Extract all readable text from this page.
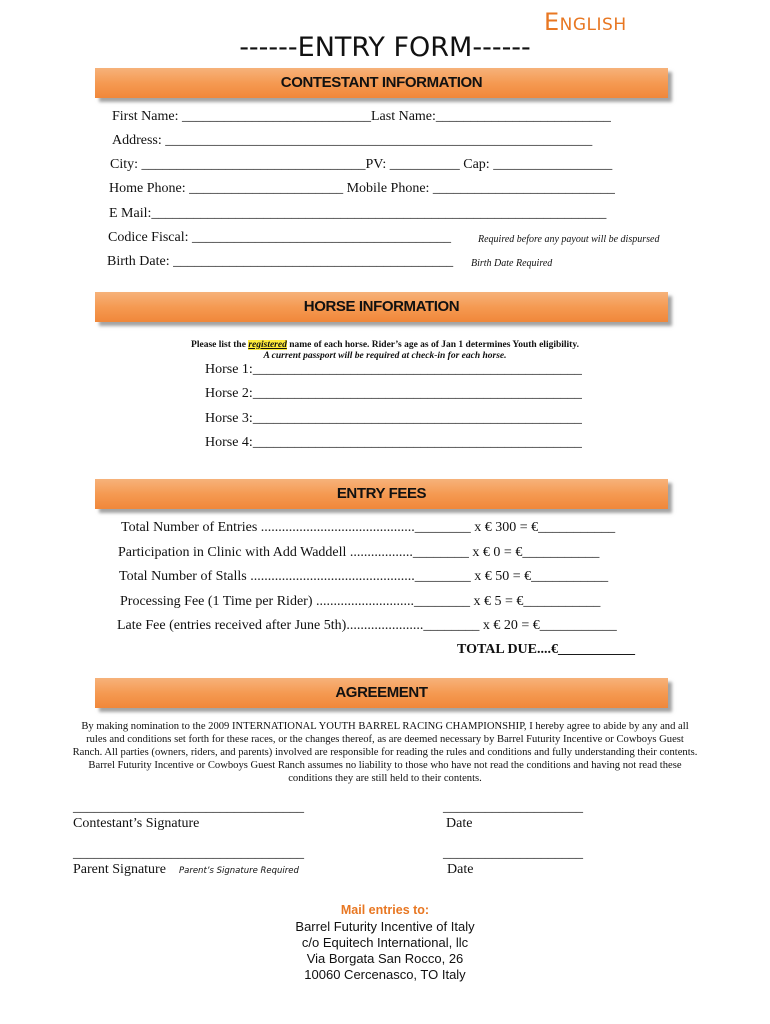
English
------ENTRY FORM------
CONTESTANT INFORMATION
First Name: ___________________________Last Name:_________________________
Address: _____________________________________________________________
City: ________________________________PV: __________ Cap: _________________
Home Phone: ______________________ Mobile Phone: __________________________
E Mail:_________________________________________________________________
Codice Fiscal: _____________________________________	Required before any payout will be dispursed
Birth Date: ________________________________________ Birth Date Required
HORSE INFORMATION
Please list the registered name of each horse. Rider’s age as of Jan 1 determines Youth eligibility.
A current passport will be required at check-in for each horse.
Horse 1:_______________________________________________
Horse 2:_______________________________________________
Horse 3:_______________________________________________
Horse 4:_______________________________________________
ENTRY FEES
Total Number of Entries ............................................________ x € 300 = €___________
Participation in Clinic with Add Waddell ..................________ x € 0 = €___________
Total Number of Stalls ...............................................________ x € 50 = €___________
Processing Fee (1 Time per Rider) ............................________ x € 5 = €___________
Late Fee (entries received after June 5th)......................________ x € 20 = €___________
TOTAL DUE....€___________
AGREEMENT
By making nomination to the 2009 INTERNATIONAL YOUTH BARREL RACING CHAMPIONSHIP, I hereby agree to abide by any and all rules and conditions set forth for these races, or the changes thereof, as are deemed necessary by Barrel Futurity Incentive or Cowboys Guest Ranch. All parties (owners, riders, and parents) involved are responsible for reading the rules and conditions and fully understanding their contents. Barrel Futurity Incentive or Cowboys Guest Ranch assumes no liability to those who have not read the conditions and having not read these conditions they are still held to their contents.
_________________________________	____________________
Contestant’s Signature	Date
_________________________________	____________________
Parent Signature Parent’s Signature Required	Date
Mail entries to:
Barrel Futurity Incentive of Italy
c/o Equitech International, llc
Via Borgata San Rocco, 26
10060 Cercenasco, TO Italy
